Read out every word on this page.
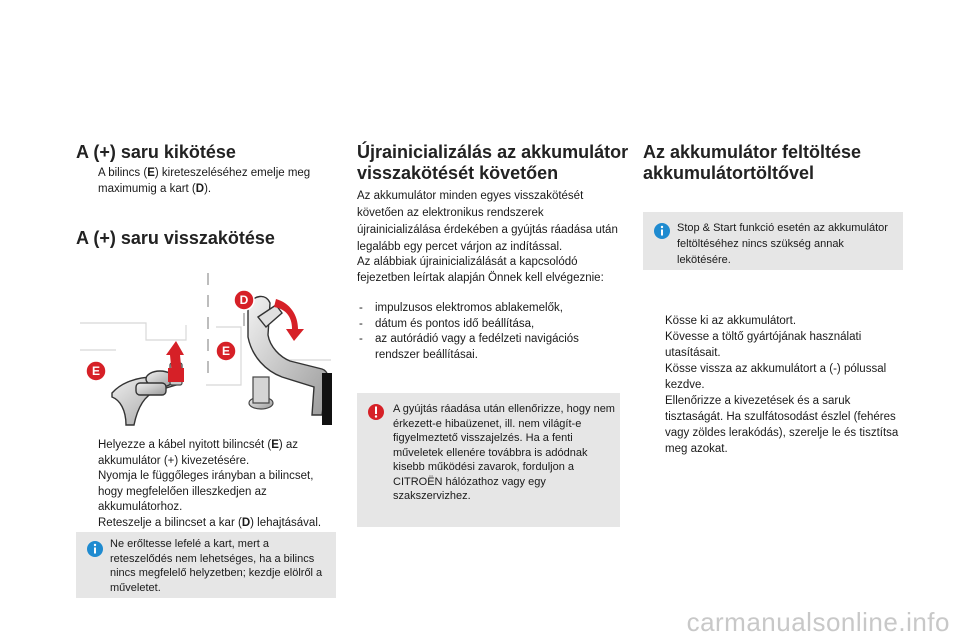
A (+) saru kikötése
A bilincs (E) kireteszeléséhez emelje meg maximumig a kart (D).
A (+) saru visszakötése
E
D
E
Helyezze a kábel nyitott bilincsét (E) az akkumulátor (+) kivezetésére.
Nyomja le függőleges irányban a bilincset, hogy megfelelően illeszkedjen az akkumulátorhoz.
Reteszelje a bilincset a kar (D) lehajtásával.
Ne erőltesse lefelé a kart, mert a reteszelődés nem lehetséges, ha a bilincs nincs megfelelő helyzetben; kezdje elölről a műveletet.
Újrainicializálás az akkumulátor
visszakötését követően

Az akkumulátor minden egyes visszakötését követően az elektronikus rendszerek újrainicializálása érdekében a gyújtás ráadása után legalább egy percet várjon az indítással.

Az alábbiak újrainicializálását a kapcsolódó fejezetben leírtak alapján Önnek kell elvégeznie:

- impulzusos elektromos ablakemelők,
- dátum és pontos idő beállítása,
- az autórádió vagy a fedélzeti navigációs rendszer beállításai.
A gyújtás ráadása után ellenőrizze, hogy nem érkezett-e hibaüzenet, ill. nem világít-e figyelmeztető visszajelzés. Ha a fenti műveletek ellenére továbbra is adódnak kisebb működési zavarok, forduljon a CITROËN hálózathoz vagy egy szakszervizhez.
Az akkumulátor feltöltése
akkumulátortöltővel
Stop & Start funkció esetén az akkumulátor feltöltéséhez nincs szükség annak lekötésére.
Kösse ki az akkumulátort.
Kövesse a töltő gyártójának használati utasításait.
Kösse vissza az akkumulátort a (-) pólussal kezdve.
Ellenőrizze a kivezetések és a saruk tisztaságát. Ha szulfátosodást észlel (fehéres vagy zöldes lerakódás), szerelje le és tisztítsa meg azokat.
carmanualsonline.info
